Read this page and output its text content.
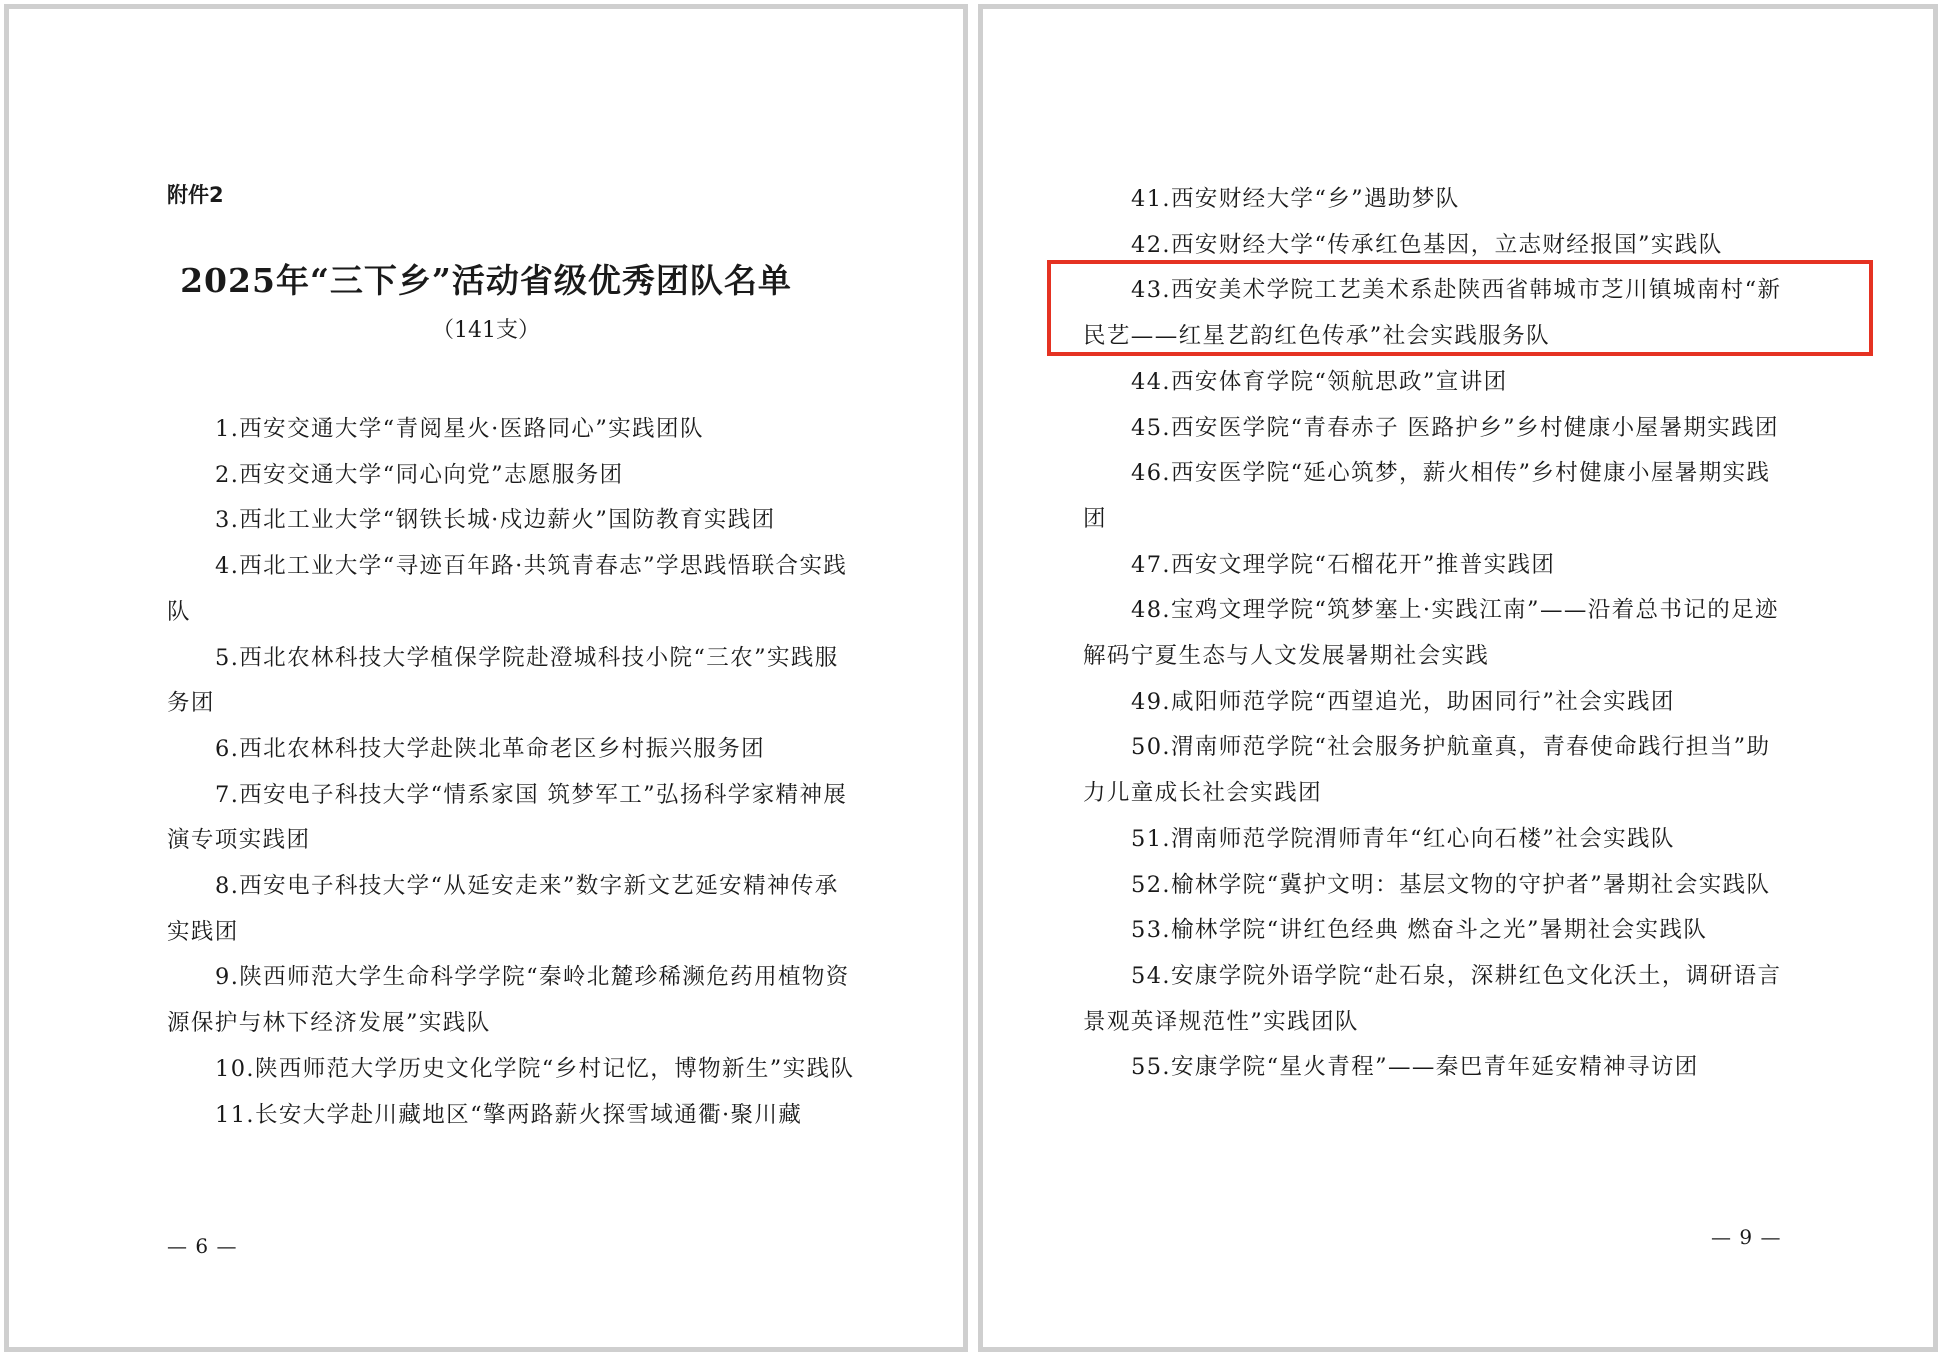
附件2
2025年“三下乡”活动省级优秀团队名单
（141支）
1.西安交通大学“青阅星火·医路同心”实践团队
2.西安交通大学“同心向党”志愿服务团
3.西北工业大学“钢铁长城·戍边薪火”国防教育实践团
4.西北工业大学“寻迹百年路·共筑青春志”学思践悟联合实践队
5.西北农林科技大学植保学院赴澄城科技小院“三农”实践服务团
6.西北农林科技大学赴陕北革命老区乡村振兴服务团
7.西安电子科技大学“情系家国 筑梦军工”弘扬科学家精神展演专项实践团
8.西安电子科技大学“从延安走来”数字新文艺延安精神传承实践团
9.陕西师范大学生命科学学院“秦岭北麓珍稀濒危药用植物资源保护与林下经济发展”实践队
10.陕西师范大学历史文化学院“乡村记忆，博物新生”实践队
11.长安大学赴川藏地区“擎两路薪火探雪域通衢·聚川藏
— 6 —
41.西安财经大学“乡”遇助梦队
42.西安财经大学“传承红色基因，立志财经报国”实践队
43.西安美术学院工艺美术系赴陕西省韩城市芝川镇城南村“新民艺——红星艺韵红色传承”社会实践服务队
44.西安体育学院“领航思政”宣讲团
45.西安医学院“青春赤子 医路护乡”乡村健康小屋暑期实践团
46.西安医学院“延心筑梦，薪火相传”乡村健康小屋暑期实践团
47.西安文理学院“石榴花开”推普实践团
48.宝鸡文理学院“筑梦塞上·实践江南”——沿着总书记的足迹解码宁夏生态与人文发展暑期社会实践
49.咸阳师范学院“西望追光，助困同行”社会实践团
50.渭南师范学院“社会服务护航童真，青春使命践行担当”助力儿童成长社会实践团
51.渭南师范学院渭师青年“红心向石楼”社会实践队
52.榆林学院“冀护文明：基层文物的守护者”暑期社会实践队
53.榆林学院“讲红色经典 燃奋斗之光”暑期社会实践队
54.安康学院外语学院“赴石泉，深耕红色文化沃土，调研语言景观英译规范性”实践团队
55.安康学院“星火青程”——秦巴青年延安精神寻访团
— 9 —
